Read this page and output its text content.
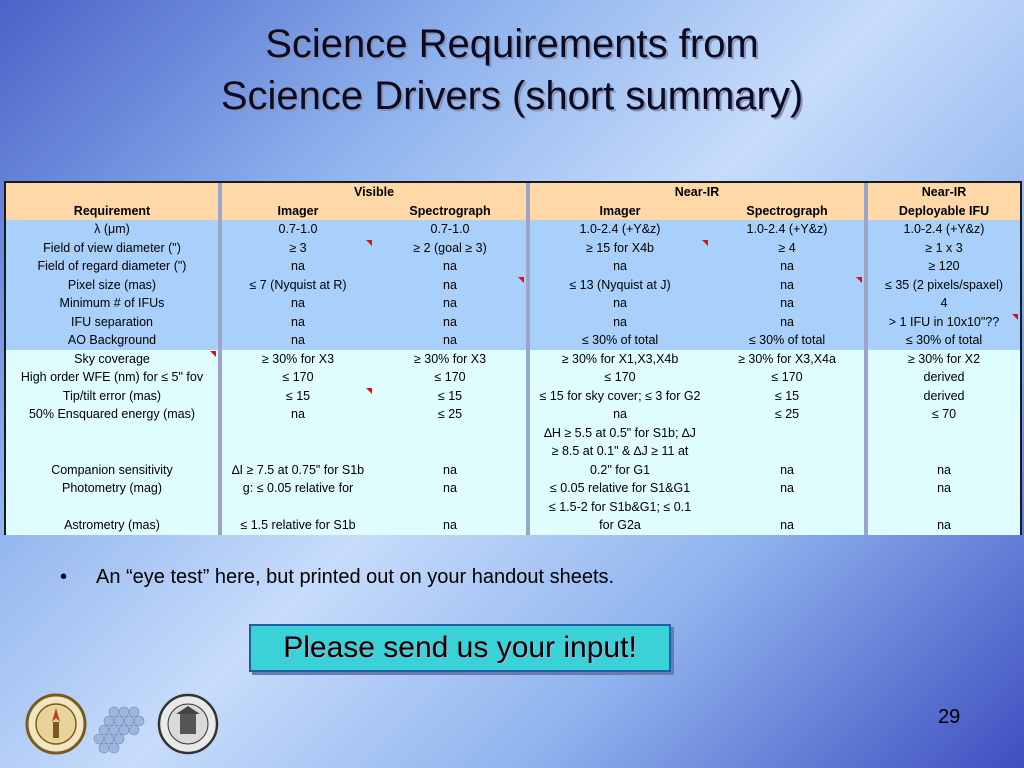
Science Requirements from
Science Drivers (short summary)
		Visible			Near-IR			Near-IR
Requirement		Imager	Spectrograph		Imager	Spectrograph		Deployable IFU
λ (μm)		0.7-1.0	0.7-1.0		1.0-2.4 (+Y&z)	1.0-2.4 (+Y&z)		1.0-2.4 (+Y&z)
Field of view diameter (")		≥ 3	≥ 2 (goal ≥ 3)		≥ 15 for X4b	≥ 4		≥ 1 x 3
Field of regard diameter (")		na	na		na	na		≥ 120
Pixel size (mas)		≤ 7 (Nyquist at R)	na		≤ 13 (Nyquist at J)	na		≤ 35 (2 pixels/spaxel)
Minimum # of IFUs		na	na		na	na		4
IFU separation		na	na		na	na		> 1 IFU in 10x10"??

AO Background		na	na		≤ 30% of total	≤ 30% of total		≤ 30% of total
Sky coverage		≥ 30% for X3	≥ 30% for X3		≥ 30% for X1,X3,X4b	≥ 30% for X3,X4a		≥ 30% for X2
High order WFE (nm) for ≤ 5" fov		≤ 170	≤ 170		≤ 170	≤ 170		derived
Tip/tilt error (mas)		≤ 15	≤ 15		≤ 15 for sky cover; ≤ 3 for G2	≤ 15		derived
50% Ensquared energy (mas)		na	≤ 25		na	≤ 25		≤ 70
					∆H ≥ 5.5 at 0.5" for S1b; ∆J			
					≥ 8.5 at 0.1" & ∆J ≥ 11 at			
Companion sensitivity		∆I ≥ 7.5 at 0.75" for S1b	na		0.2" for G1	na		na
Photometry (mag)		g: ≤ 0.05 relative for	na		≤ 0.05 relative for S1&G1	na		na
					≤ 1.5-2 for S1b&G1; ≤ 0.1			
Astrometry (mas)		≤ 1.5 relative for S1b	na		for G2a	na		na
• An “eye test” here, but printed out on your handout sheets.
Please send us your input!
29
